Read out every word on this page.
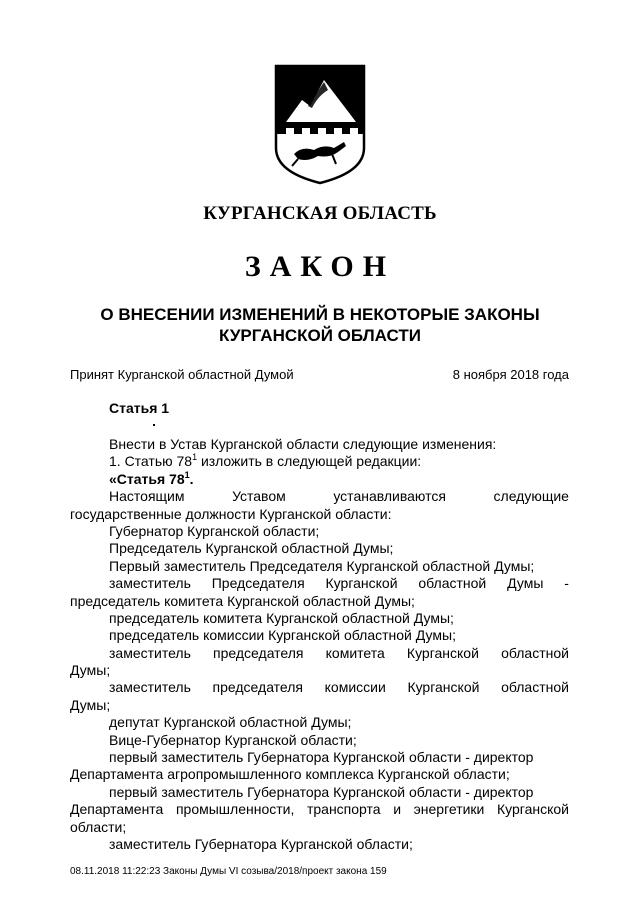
КУРГАНСКАЯ ОБЛАСТЬ
ЗАКОН
О ВНЕСЕНИИ ИЗМЕНЕНИЙ В НЕКОТОРЫЕ ЗАКОНЫ
КУРГАНСКОЙ ОБЛАСТИ
Принят Курганской областной Думой	8 ноября 2018 года
Статья 1
Внести в Устав Курганской области следующие изменения:
1. Статью $78^1$ изложить в следующей редакции:
«Статья $78^1$.
Настоящим	Уставом	устанавливаются	следующие
государственные должности Курганской области:
Губернатор Курганской области;
Председатель Курганской областной Думы;
Первый заместитель Председателя Курганской областной Думы;
заместитель Председателя Курганской областной Думы -
председатель комитета Курганской областной Думы;
председатель комитета Курганской областной Думы;
председатель комиссии Курганской областной Думы;
заместитель председателя комитета Курганской областной
Думы;
заместитель председателя комиссии Курганской областной
Думы;
депутат Курганской областной Думы;
Вице-Губернатор Курганской области;
первый заместитель Губернатора Курганской области - директор
Департамента агропромышленного комплекса Курганской области;
первый заместитель Губернатора Курганской области - директор
Департамента промышленности, транспорта и энергетики Курганской
области;
заместитель Губернатора Курганской области;
08.11.2018 11:22:23 Законы Думы VI созыва/2018/проект закона 159
